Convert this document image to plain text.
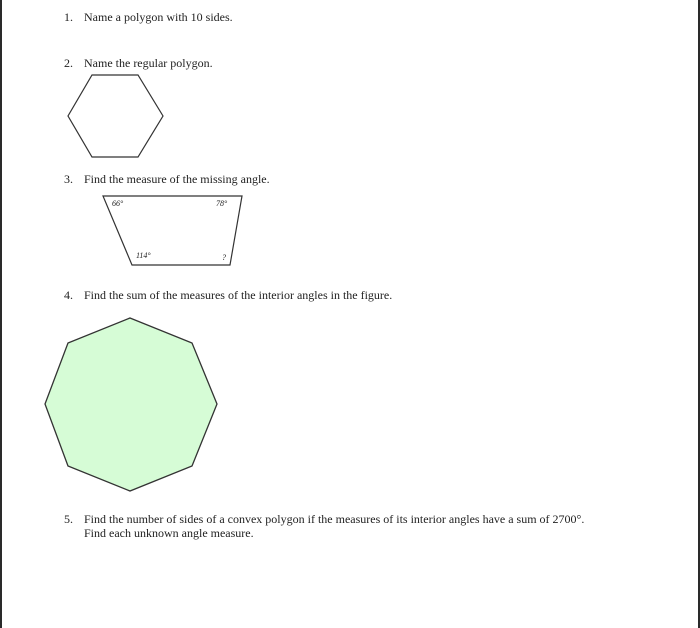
1. Name a polygon with 10 sides.
2. Name the regular polygon.
3. Find the measure of the missing angle.
66°	78°
114°	?
4. Find the sum of the measures of the interior angles in the figure.
5. Find the number of sides of a convex polygon if the measures of its interior angles have a sum of 2700°.
Find each unknown angle measure.
